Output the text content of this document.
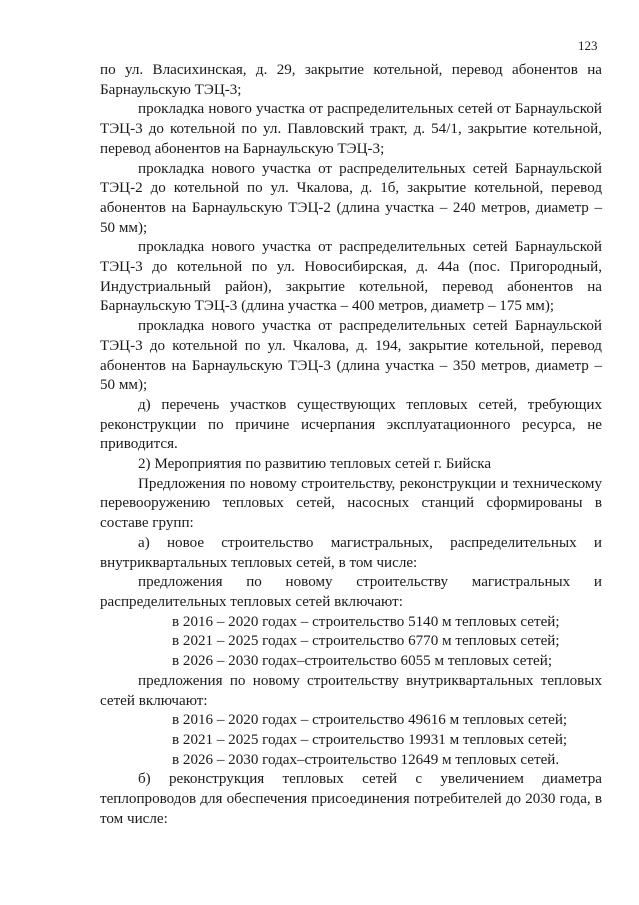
123

по ул. Власихинская, д. 29, закрытие котельной, перевод абонентов на Барнаульскую ТЭЦ-3;

прокладка нового участка от распределительных сетей от Барнаульской ТЭЦ-3 до котельной по ул. Павловский тракт, д. 54/1, закрытие котельной, перевод абонентов на Барнаульскую ТЭЦ-3;

прокладка нового участка от распределительных сетей Барнаульской ТЭЦ-2 до котельной по ул. Чкалова, д. 1б, закрытие котельной, перевод абонентов на Барнаульскую ТЭЦ-2 (длина участка – 240 метров, диаметр – 50 мм);

прокладка нового участка от распределительных сетей Барнаульской ТЭЦ-3 до котельной по ул. Новосибирская, д. 44а (пос. Пригородный, Индустриальный район), закрытие котельной, перевод абонентов на Барнаульскую ТЭЦ-3 (длина участка – 400 метров, диаметр – 175 мм);

прокладка нового участка от распределительных сетей Барнаульской ТЭЦ-3 до котельной по ул. Чкалова, д. 194, закрытие котельной, перевод абонентов на Барнаульскую ТЭЦ-3 (длина участка – 350 метров, диаметр – 50 мм);

д) перечень участков существующих тепловых сетей, требующих реконструкции по причине исчерпания эксплуатационного ресурса, не приводится.

2) Мероприятия по развитию тепловых сетей г. Бийска

Предложения по новому строительству, реконструкции и техническому перевооружению тепловых сетей, насосных станций сформированы в составе групп:

а) новое строительство магистральных, распределительных и внутриквартальных тепловых сетей, в том числе:

предложения по новому строительству магистральных и распределительных тепловых сетей включают:

в 2016 – 2020 годах – строительство 5140 м тепловых сетей;

в 2021 – 2025 годах – строительство 6770 м тепловых сетей;

в 2026 – 2030 годах–строительство 6055 м тепловых сетей;

предложения по новому строительству внутриквартальных тепловых сетей включают:

в 2016 – 2020 годах – строительство 49616 м тепловых сетей;

в 2021 – 2025 годах – строительство 19931 м тепловых сетей;

в 2026 – 2030 годах–строительство 12649 м тепловых сетей.

б) реконструкция тепловых сетей с увеличением диаметра теплопроводов для обеспечения присоединения потребителей до 2030 года, в том числе:
